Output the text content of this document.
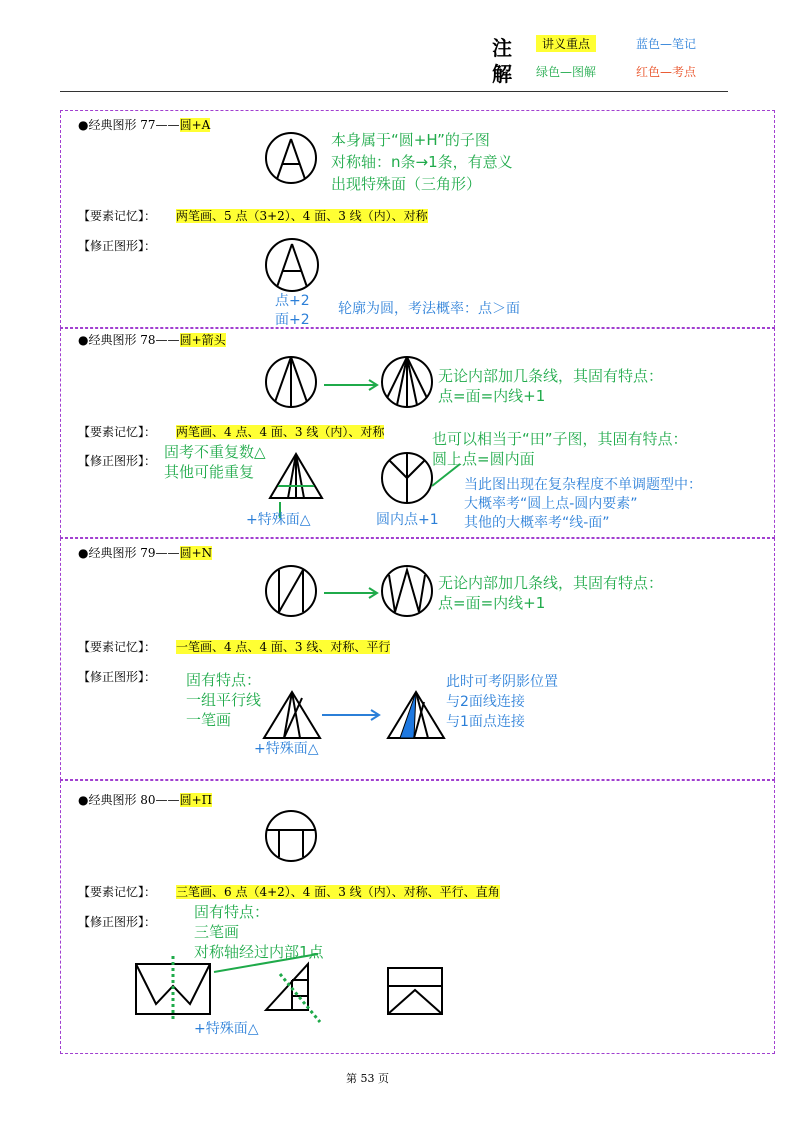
注
解
讲义重点	蓝色—笔记
绿色—图解	红色—考点
●经典图形 77——圆+A
本身属于“圆+H”的子图
对称轴：n条→1条，有意义
出现特殊面（三角形）
【要素记忆】： 两笔画、5 点（3+2）、4 面、3 线（内）、对称
【修正图形】：
点+2
面+2
轮廓为圆，考法概率：点＞面
●经典图形 78——圆+箭头
无论内部加几条线，其固有特点：
点=面=内线+1
【要素记忆】： 两笔画、4 点、4 面、3 线（内）、对称
【修正图形】： 固考不重复数△
其他可能重复
+特殊面△	圆内点+1
也可以相当于“田”子图，其固有特点：
圆上点=圆内面
当此图出现在复杂程度不单调题型中：
大概率考“圆上点-圆内要素”
其他的大概率考“线-面”
●经典图形 79——圆+N
无论内部加几条线，其固有特点：
点=面=内线+1
【要素记忆】： 一笔画、4 点、4 面、3 线、对称、平行
【修正图形】： 固有特点：
一组平行线
一笔画
+特殊面△
此时可考阴影位置
与2面线连接
与1面点连接
●经典图形 80——圆+Π
【要素记忆】： 三笔画、6 点（4+2）、4 面、3 线（内）、对称、平行、直角
【修正图形】：
固有特点：
三笔画
对称轴经过内部1点
+特殊面△
第 53 页
